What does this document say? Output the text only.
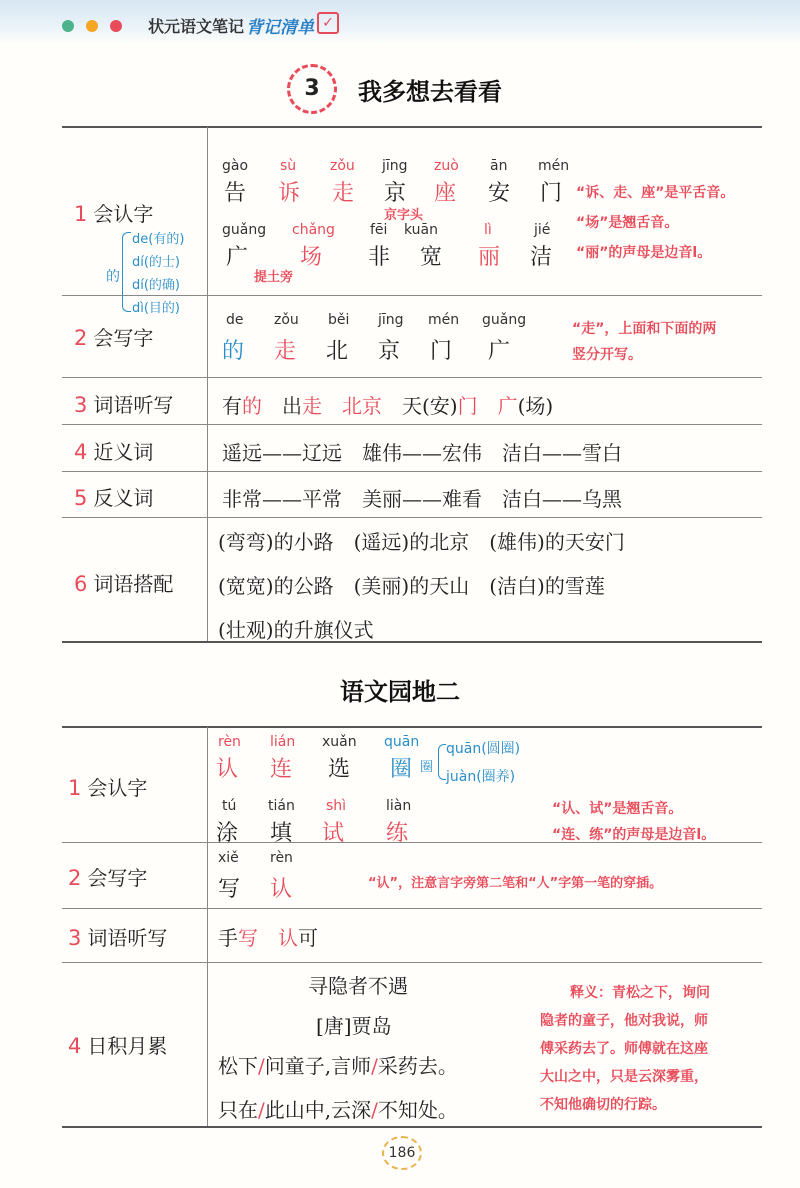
状元语文笔记 背记清单 ✓
3	我多想去看看
1 会认字
2 会写字
3 词语听写
4 近义词
5 反义词
6 词语搭配
gào
告
sù
诉
zǒu
走
jīng
京
zuò
座
ān
安
mén
门
京字头
guǎng
广
chǎng
场
fēi
非
kuān
宽
lì
丽
jié
洁
提土旁
“诉、走、座”是平舌音。
“场”是翘舌音。
“丽”的声母是边音l。
的
de(有的)
dí(的士)
dí(的确)
dì(目的)
de
的
zǒu
走
běi
北
jīng
京
mén
门
guǎng
广
“走”，上面和下面的两
竖分开写。
有的　 出走　 北京　 天(安)门　 广(场)
遥远——辽远　雄伟——宏伟　洁白——雪白
非常——平常　美丽——难看　洁白——乌黑
(弯弯)的小路　(遥远)的北京　(雄伟)的天安门
(宽宽)的公路　(美丽)的天山　(洁白)的雪莲
(壮观)的升旗仪式
语文园地二
1 会认字
2 会写字
3 词语听写
4 日积月累
rèn
认
lián
连
xuǎn
选
quān
圈 圈
quān(圆圈)
juàn(圈养)
tú
涂
tián
填
shì
试
liàn
练
“认、试”是翘舌音。
“连、练”的声母是边音l。
xiě
写
rèn
认	“认”，注意言字旁第二笔和“人”字第一笔的穿插。
手写　 认可
寻隐者不遇
[唐]贾岛
松下/问童子,言师/采药去。
只在/此山中,云深/不知处。
释义：青松之下，询问
隐者的童子，他对我说，师
傅采药去了。师傅就在这座
大山之中，只是云深雾重，
不知他确切的行踪。
186
